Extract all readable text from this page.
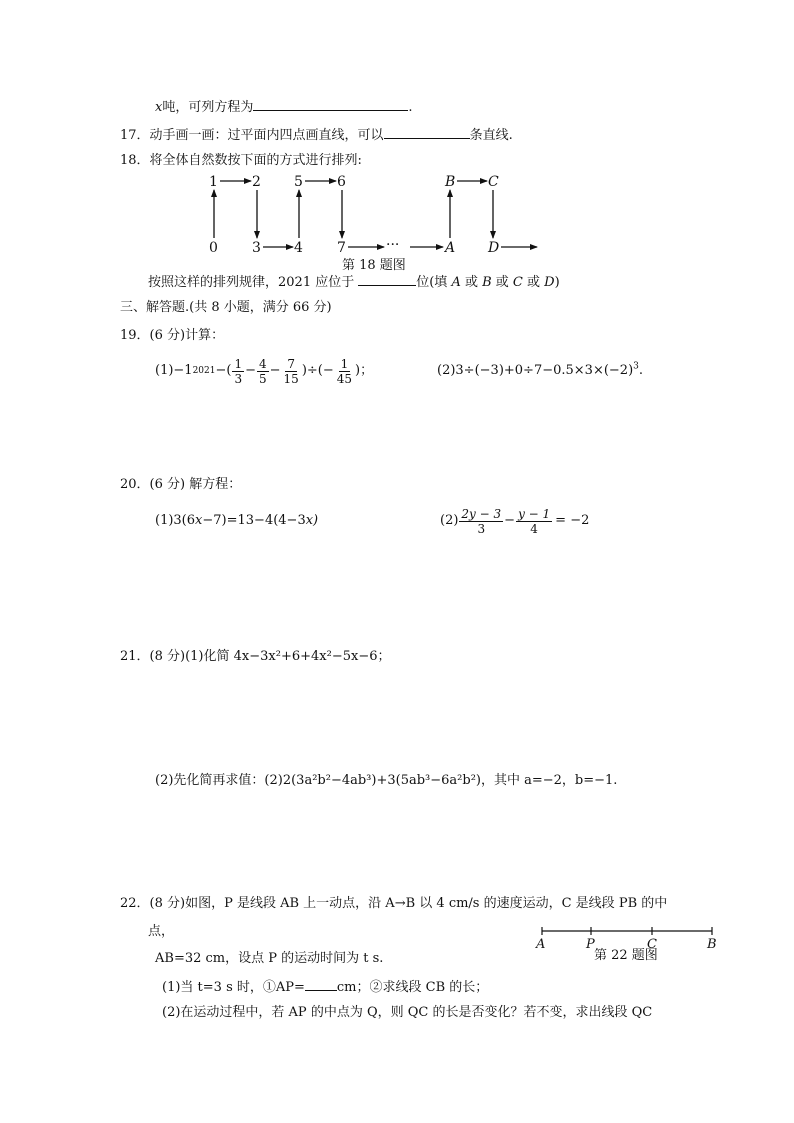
x吨，可列方程为	.
17．动手画一画：过平面内四点画直线，可以	条直线.
18．将全体自然数按下面的方式进行排列:
1 2 5 6	B C
0 3 4 7	···	A D
第 18 题图
按照这样的排列规律，2021 应位于	位(填 A 或 B 或 C 或 D)
三、解答题.(共 8 小题，满分 66 分)
19．(6 分)计算：
(1)−1 2021 −( $\frac{1}{3} - \frac{4}{5} - \frac{7}{15}$ )÷(− $\frac{1}{45}$ )；	$(2)3\div(-3)+0\div 7-0.5\times 3\times(-2)^3$.
20．(6 分) 解方程：
(1)3(6x−7)=13−4(4−3x)	$(2) \frac{2y - 3}{3} - \frac{y - 1}{4} = -2$
21．(8 分)(1)化简 4x−3x²+6+4x²−5x−6；
(2)先化简再求值：(2)2(3a²b²−4ab³)+3(5ab³−6a²b²)，其中 a=−2，b=−1.
22．(8 分)如图，P 是线段 AB 上一动点，沿 A→B 以 4 cm/s 的速度运动，C 是线段 PB 的中
点，
AB=32 cm，设点 P 的运动时间为 t s.
(1)当 t=3 s 时，①AP= cm；②求线段 CB 的长；
(2)在运动过程中，若 AP 的中点为 Q，则 QC 的长是否变化？若不变，求出线段 QC
A	P	C	B
第 22 题图
